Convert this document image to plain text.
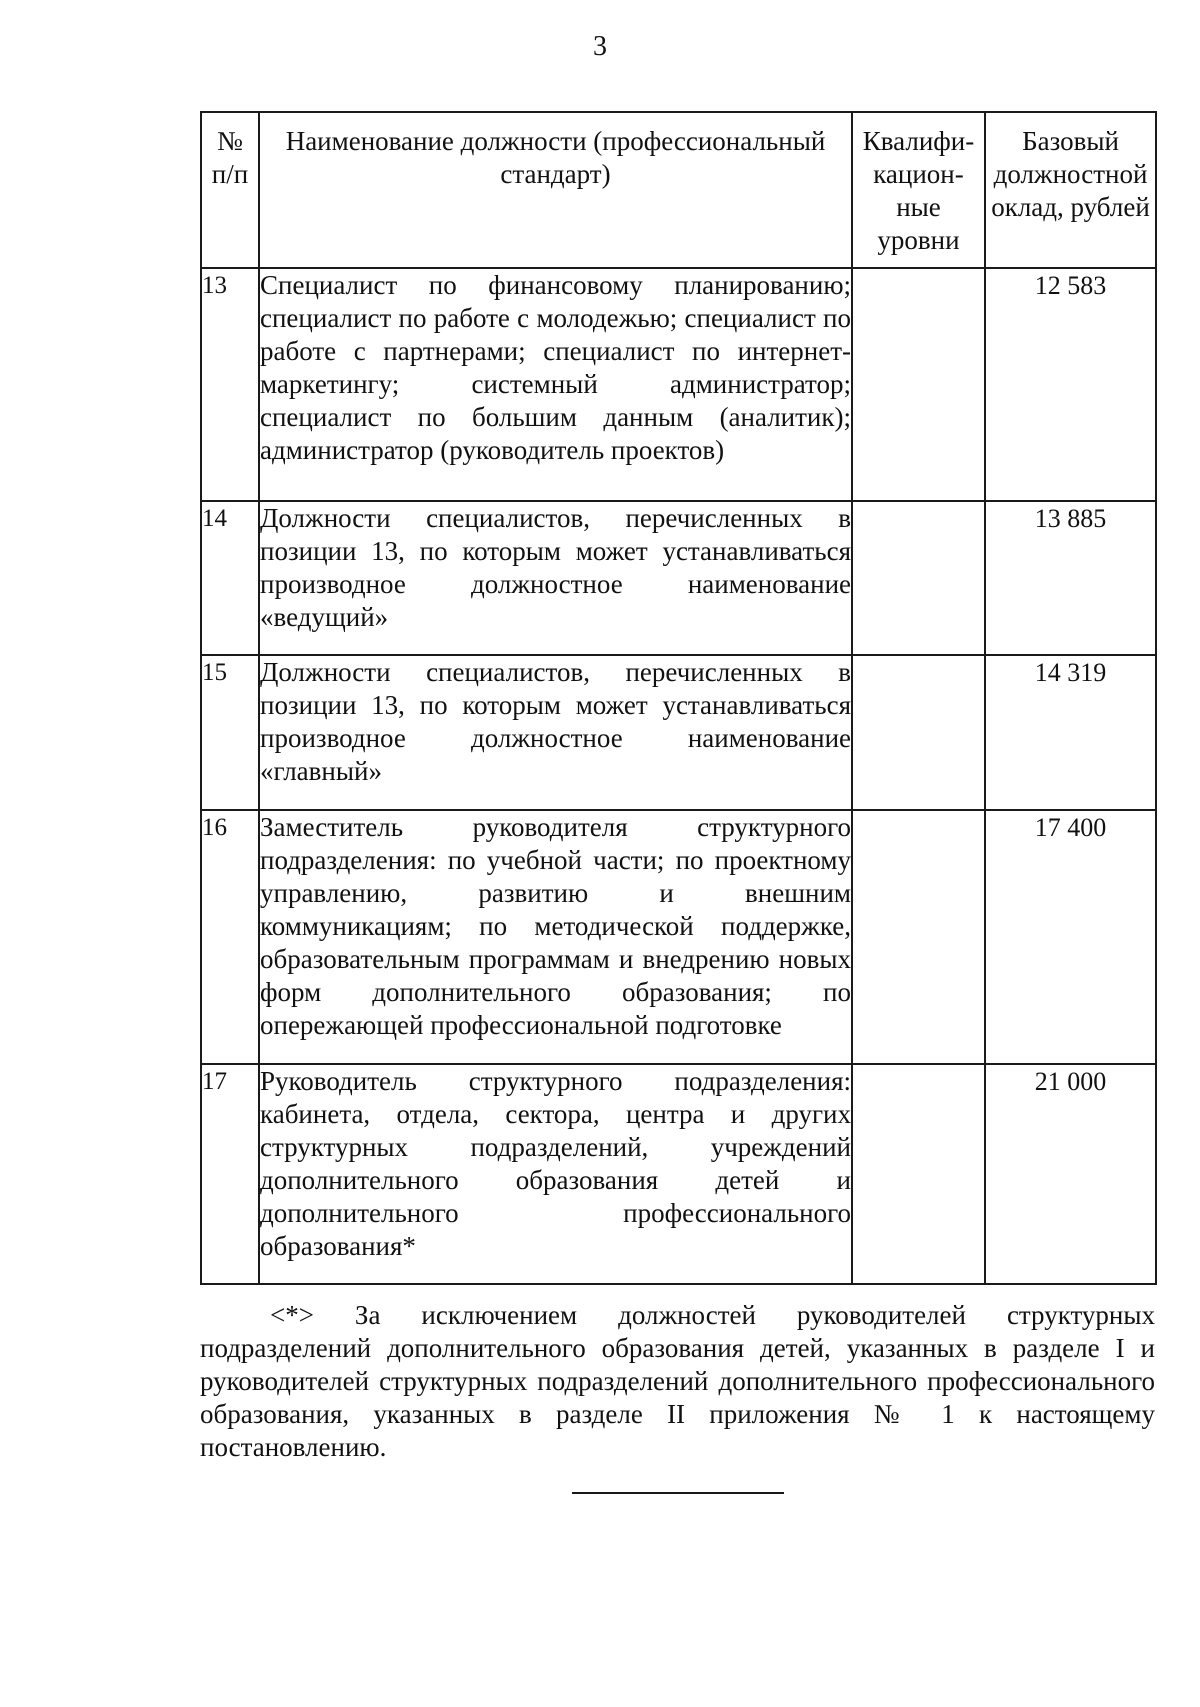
3
№ п/п	Наименование должности (профессиональный стандарт)	Квалифи-кацион-ные уровни	Базовый должностной оклад, рублей
13	Специалист по финансовому планированию; специалист по работе с молодежью; специалист по работе с партнерами; специалист по интернет-маркетингу; системный администратор; специалист по большим данным (аналитик); администратор (руководитель проектов)		12 583
14	Должности специалистов, перечисленных в позиции 13, по которым может устанавливаться производное должностное наименование «ведущий»		13 885
15	Должности специалистов, перечисленных в позиции 13, по которым может устанавливаться производное должностное наименование «главный»		14 319
16	Заместитель руководителя структурного подразделения: по учебной части; по проектному управлению, развитию и внешним коммуникациям; по методической поддержке, образовательным программам и внедрению новых форм дополнительного образования; по опережающей профессиональной подготовке		17 400
17	Руководитель структурного подразделения: кабинета, отдела, сектора, центра и других структурных подразделений, учреждений дополнительного образования детей и дополнительного профессионального образования*		21 000
<*> За исключением должностей руководителей структурных подразделений дополнительного образования детей, указанных в разделе I и руководителей структурных подразделений дополнительного профессионального образования, указанных в разделе II приложения № 1 к настоящему постановлению.
